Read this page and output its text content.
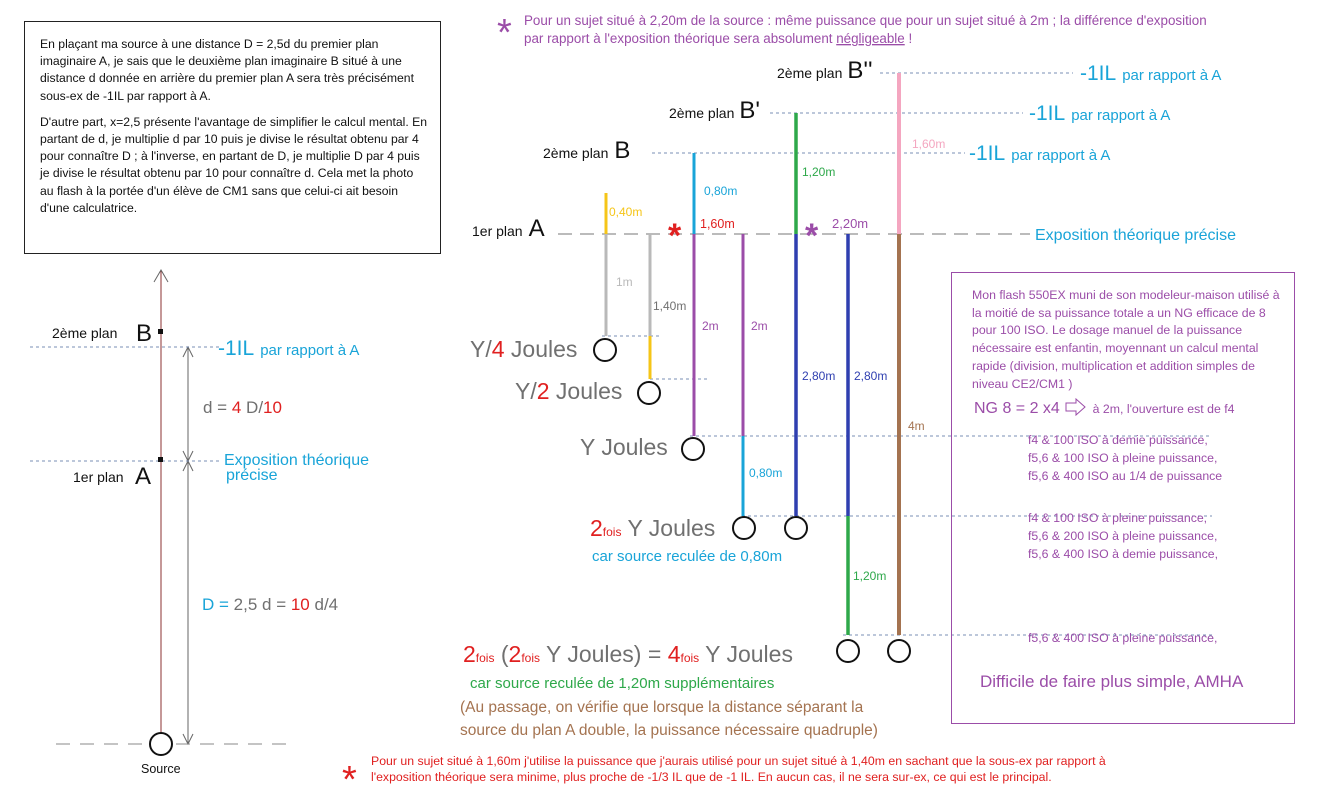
* Pour un sujet situé à 2,20m de la source : même puissance que pour un sujet situé à 2m ; la différence d'exposition
par rapport à l'exposition théorique sera absolument négligeable !
Source
2ème plan B
1er plan A
-1IL par rapport à A
Exposition théorique
précise
d = 4 D/10
D = 2,5 d = 10 d/4
2ème plan B''
2ème plan B'
2ème plan B
1er plan A
-1IL par rapport à A
-1IL par rapport à A
-1IL par rapport à A
Exposition théorique précise
0,40m
1m
1,40m
0,80m
1,60m
2m	2m
0,80m
1,20m
2,80m
2,20m
2,80m
1,20m
1,60m
4m
*	*
Y/4 Joules
Y/2 Joules
Y Joules
2fois Y Joules
car source reculée de 0,80m
2fois (2fois Y Joules) = 4fois Y Joules
car source reculée de 1,20m supplémentaires
(Au passage, on vérifie que lorsque la distance séparant la
source du plan A double, la puissance nécessaire quadruple)
* Pour un sujet situé à 1,60m j'utilise la puissance que j'aurais utilisé pour un sujet situé à 1,40m en sachant que la sous-ex par rapport à
l'exposition théorique sera minime, plus proche de -1/3 IL que de -1 IL. En aucun cas, il ne sera sur-ex, ce qui est le principal.

En plaçant ma source à une distance D = 2,5d du premier plan imaginaire A, je sais que le deuxième plan imaginaire B situé à une distance d donnée en arrière du premier plan A sera très précisément sous-ex de -1IL par rapport à A.

D'autre part, x=2,5 présente l'avantage de simplifier le calcul mental. En partant de d, je multiplie d par 10 puis je divise le résultat obtenu par 4 pour connaître D ; à l'inverse, en partant de D, je multiplie D par 4 puis je divise le résultat obtenu par 10 pour connaître d. Cela met la photo au flash à la portée d'un élève de CM1 sans que celui-ci ait besoin d'une calculatrice.

Mon flash 550EX muni de son modeleur-maison utilisé à la moitié de sa puissance totale a un NG efficace de 8 pour 100 ISO. Le dosage manuel de la puissance nécessaire est enfantin, moyennant un calcul mental rapide (division, multiplication et addition simples de niveau CE2/CM1 )
NG 8 = 2 x4	à 2m, l'ouverture est de f4
f4 & 100 ISO à demie puissance,
f5,6 & 100 ISO à pleine puissance,
f5,6 & 400 ISO au 1/4 de puissance
f4 & 100 ISO à pleine puissance,
f5,6 & 200 ISO à pleine puissance,
f5,6 & 400 ISO à demie puissance,
f5,6 & 400 ISO à pleine puissance,
Difficile de faire plus simple, AMHA
